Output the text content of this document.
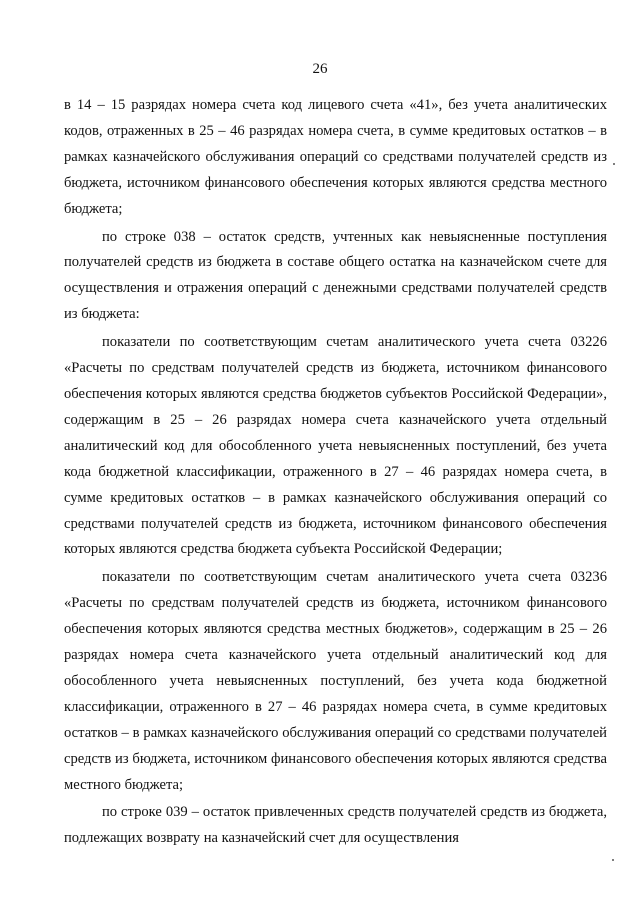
26

в 14 – 15 разрядах номера счета код лицевого счета «41», без учета аналитических кодов, отраженных в 25 – 46 разрядах номера счета, в сумме кредитовых остатков – в рамках казначейского обслуживания операций со средствами получателей средств из бюджета, источником финансового обеспечения которых являются средства местного бюджета;

по строке 038 – остаток средств, учтенных как невыясненные поступления получателей средств из бюджета в составе общего остатка на казначейском счете для осуществления и отражения операций с денежными средствами получателей средств из бюджета:

показатели по соответствующим счетам аналитического учета счета 03226 «Расчеты по средствам получателей средств из бюджета, источником финансового обеспечения которых являются средства бюджетов субъектов Российской Федерации», содержащим в 25 – 26 разрядах номера счета казначейского учета отдельный аналитический код для обособленного учета невыясненных поступлений, без учета кода бюджетной классификации, отраженного в 27 – 46 разрядах номера счета, в сумме кредитовых остатков – в рамках казначейского обслуживания операций со средствами получателей средств из бюджета, источником финансового обеспечения которых являются средства бюджета субъекта Российской Федерации;

показатели по соответствующим счетам аналитического учета счета 03236 «Расчеты по средствам получателей средств из бюджета, источником финансового обеспечения которых являются средства местных бюджетов», содержащим в 25 – 26 разрядах номера счета казначейского учета отдельный аналитический код для обособленного учета невыясненных поступлений, без учета кода бюджетной классификации, отраженного в 27 – 46 разрядах номера счета, в сумме кредитовых остатков – в рамках казначейского обслуживания операций со средствами получателей средств из бюджета, источником финансового обеспечения которых являются средства местного бюджета;

по строке 039 – остаток привлеченных средств получателей средств из бюджета, подлежащих возврату на казначейский счет для осуществления
